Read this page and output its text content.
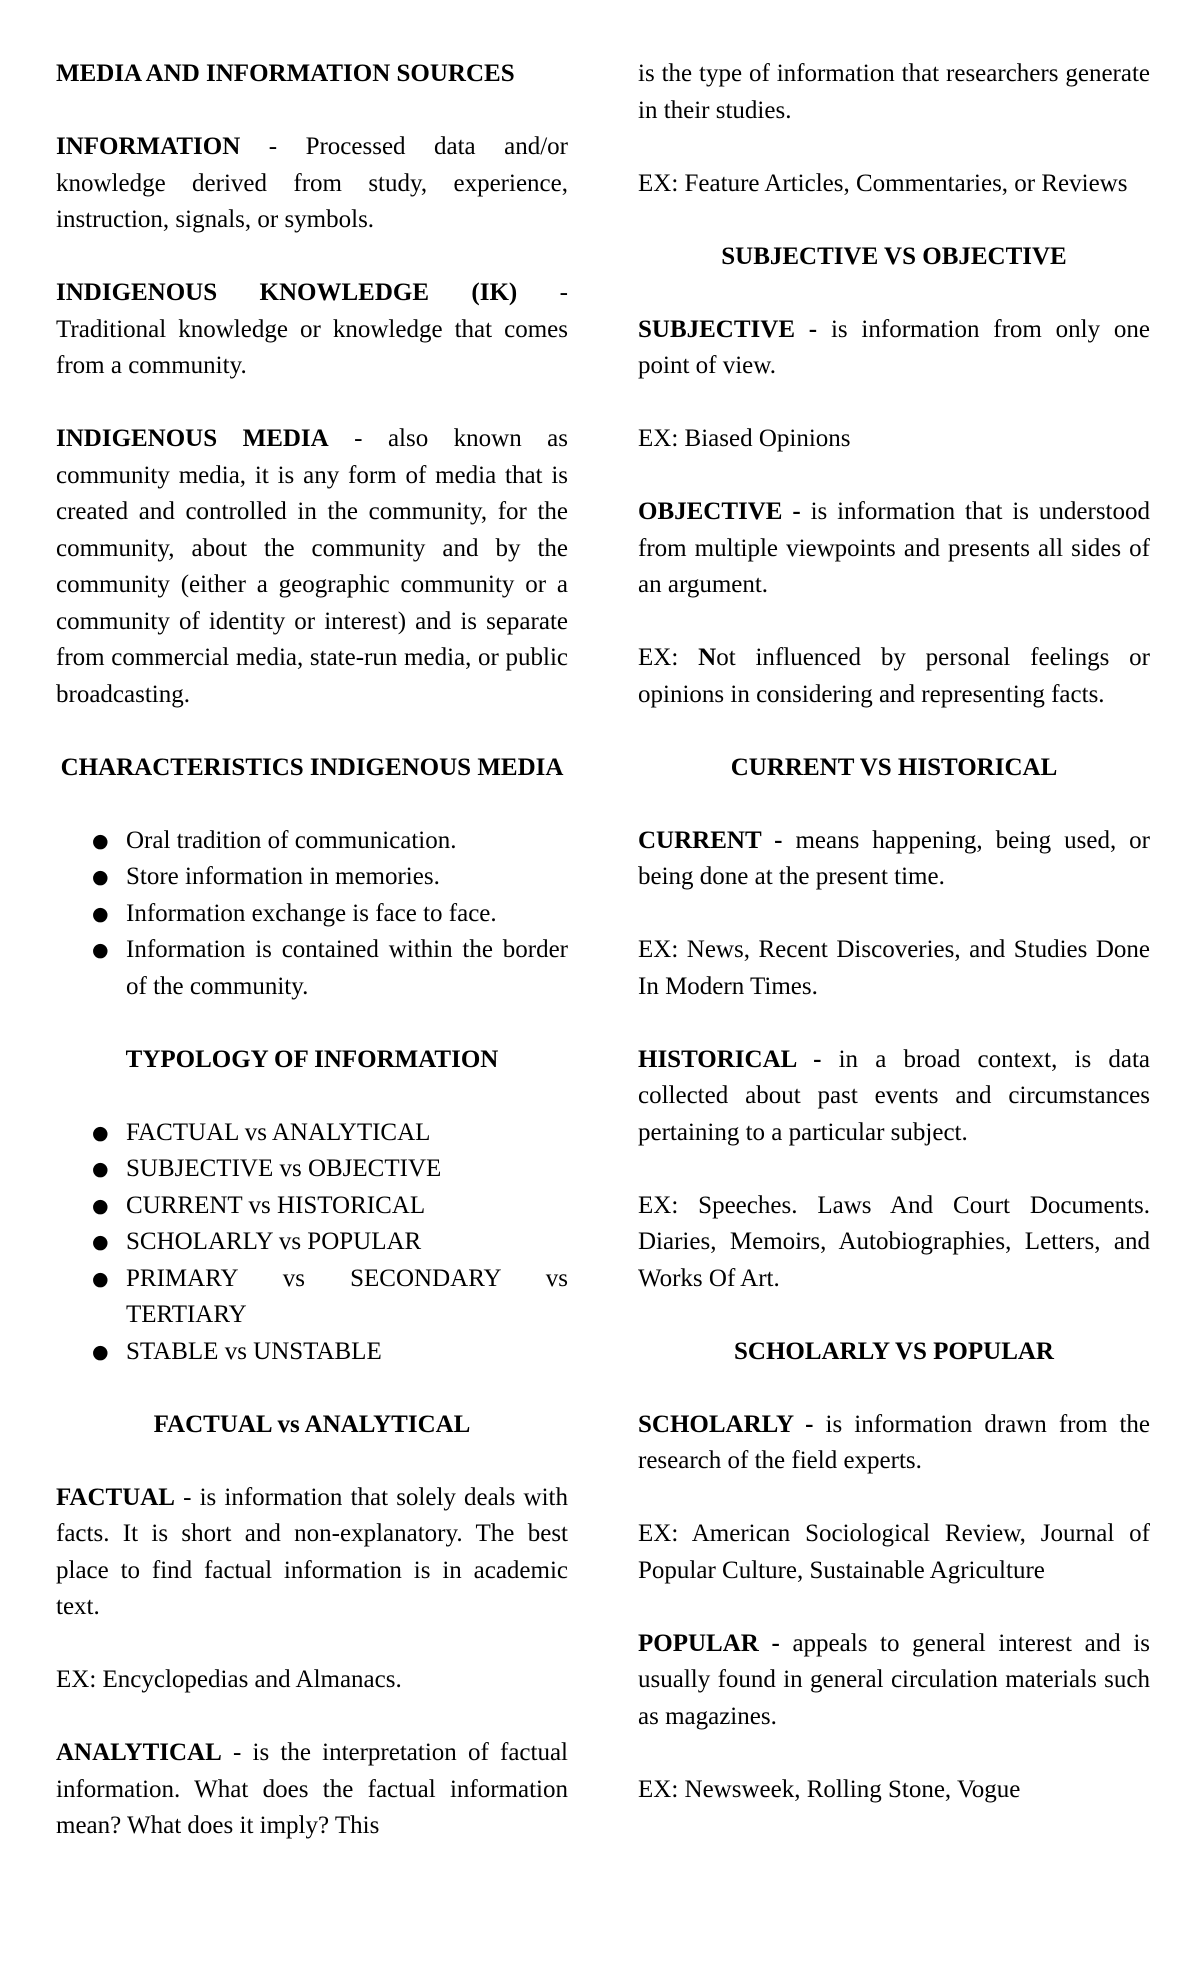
MEDIA AND INFORMATION SOURCES

INFORMATION - Processed data and/or knowledge derived from study, experience, instruction, signals, or symbols.

INDIGENOUS KNOWLEDGE (IK) - Traditional knowledge or knowledge that comes from a community.

INDIGENOUS MEDIA - also known as community media, it is any form of media that is created and controlled in the community, for the community, about the community and by the community (either a geographic community or a community of identity or interest) and is separate from commercial media, state-run media, or public broadcasting.

CHARACTERISTICS INDIGENOUS MEDIA

● Oral tradition of communication.
● Store information in memories.
● Information exchange is face to face.
● Information is contained within the border of the community.

TYPOLOGY OF INFORMATION

● FACTUAL vs ANALYTICAL
● SUBJECTIVE vs OBJECTIVE
● CURRENT vs HISTORICAL
● SCHOLARLY vs POPULAR
● PRIMARY vs SECONDARY vs TERTIARY
● STABLE vs UNSTABLE

FACTUAL vs ANALYTICAL

FACTUAL - is information that solely deals with facts. It is short and non-explanatory. The best place to find factual information is in academic text.

EX: Encyclopedias and Almanacs.

ANALYTICAL - is the interpretation of factual information. What does the factual information mean? What does it imply? This

is the type of information that researchers generate in their studies.

EX: Feature Articles, Commentaries, or Reviews

SUBJECTIVE VS OBJECTIVE

SUBJECTIVE - is information from only one point of view.

EX: Biased Opinions

OBJECTIVE - is information that is understood from multiple viewpoints and presents all sides of an argument.

EX: Not influenced by personal feelings or opinions in considering and representing facts.

CURRENT VS HISTORICAL

CURRENT - means happening, being used, or being done at the present time.

EX: News, Recent Discoveries, and Studies Done In Modern Times.

HISTORICAL - in a broad context, is data collected about past events and circumstances pertaining to a particular subject.

EX: Speeches. Laws And Court Documents. Diaries, Memoirs, Autobiographies, Letters, and Works Of Art.

SCHOLARLY VS POPULAR

SCHOLARLY - is information drawn from the research of the field experts.

EX: American Sociological Review, Journal of Popular Culture, Sustainable Agriculture

POPULAR - appeals to general interest and is usually found in general circulation materials such as magazines.

EX: Newsweek, Rolling Stone, Vogue
